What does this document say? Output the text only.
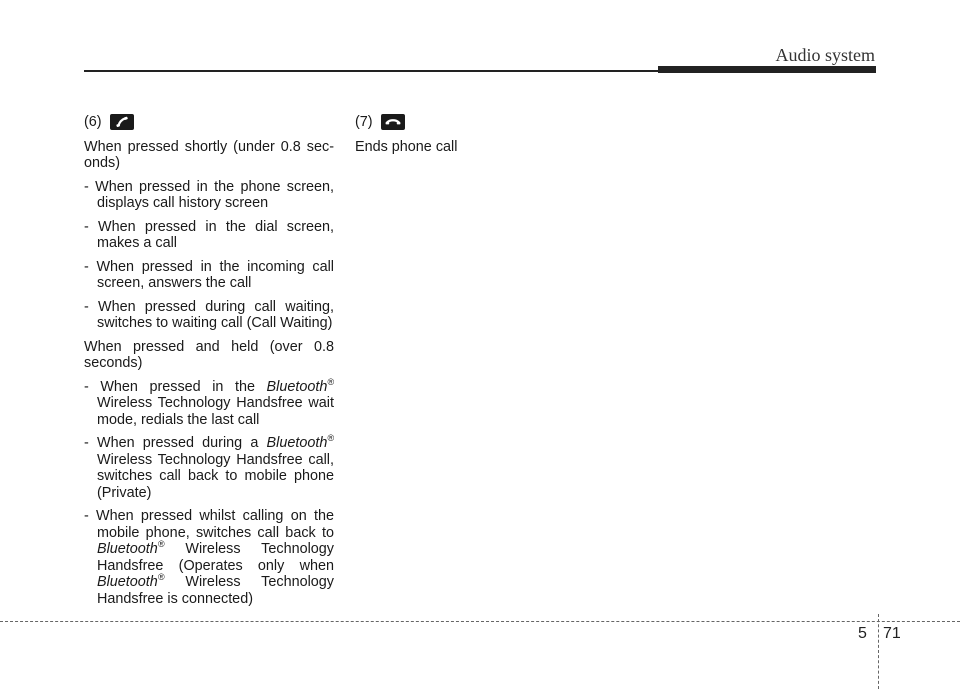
Audio system
(6)

When pressed shortly (under 0.8 sec-onds)

- When pressed in the phone screen, displays call history screen

- When pressed in the dial screen, makes a call

- When pressed in the incoming call screen, answers the call

- When pressed during call waiting, switches to waiting call (Call Waiting)

When pressed and held (over 0.8 seconds)

- When pressed in the Bluetooth® Wireless Technology Handsfree wait mode, redials the last call

- When pressed during a Bluetooth® Wireless Technology Handsfree call, switches call back to mobile phone (Private)

- When pressed whilst calling on the mobile phone, switches call back to Bluetooth® Wireless Technology Handsfree (Operates only when Bluetooth® Wireless Technology Handsfree is connected)

(7)

Ends phone call

5 71
